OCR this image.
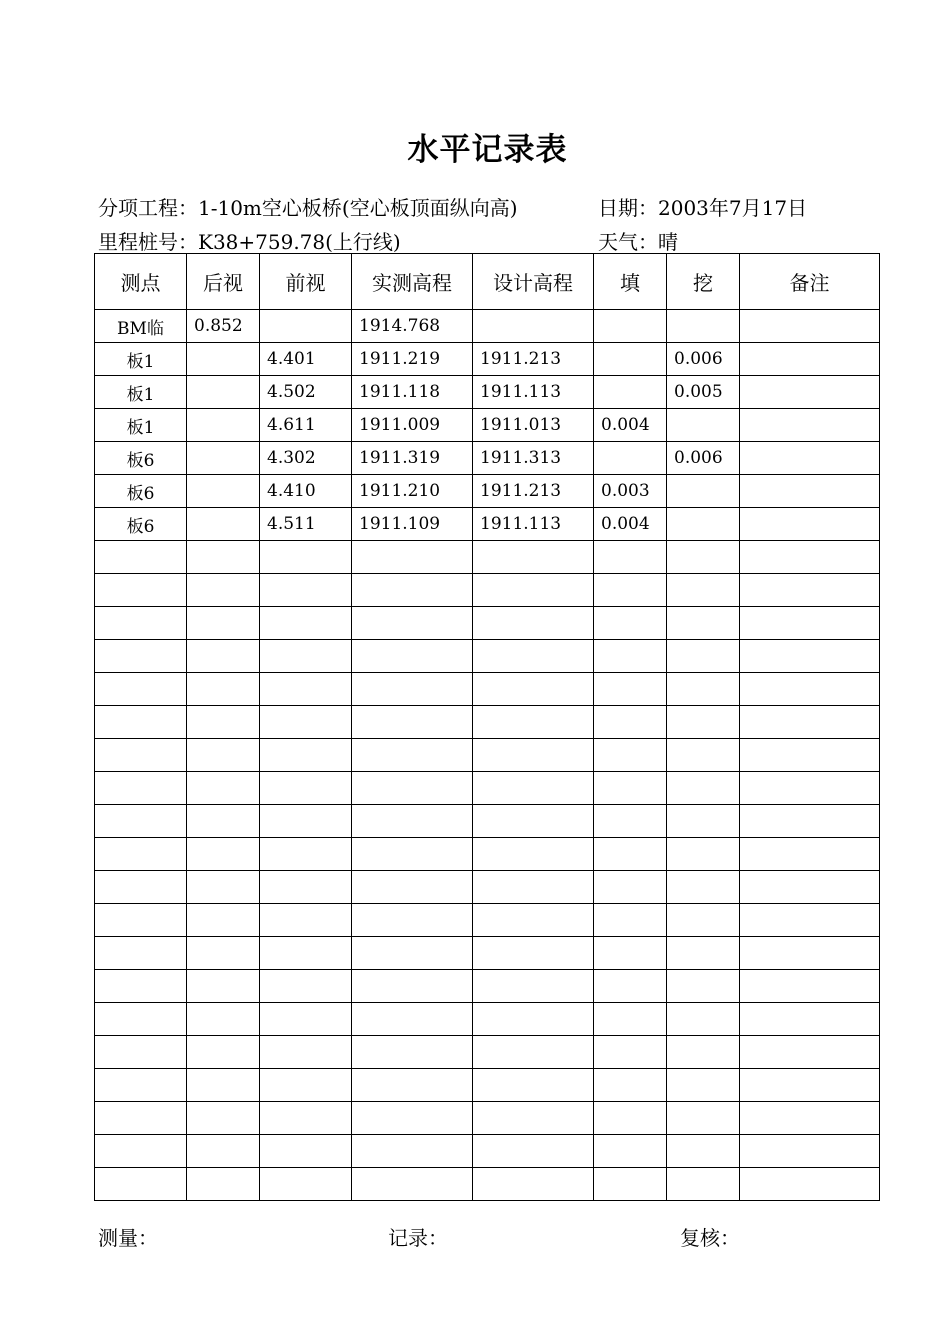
水平记录表
分项工程：1-10m空心板桥(空心板顶面纵向高)	日期：2003年7月17日
里程桩号：K38+759.78(上行线)	天气：晴
测点	后视	前视	实测高程	设计高程	填	挖	备注
BM临	0.852		1914.768				
板1		4.401	1911.219	1911.213		0.006	
板1		4.502	1911.118	1911.113		0.005	
板1		4.611	1911.009	1911.013	0.004		
板6		4.302	1911.319	1911.313		0.006	
板6		4.410	1911.210	1911.213	0.003		
板6		4.511	1911.109	1911.113	0.004		

测量：	记录：	复核：
